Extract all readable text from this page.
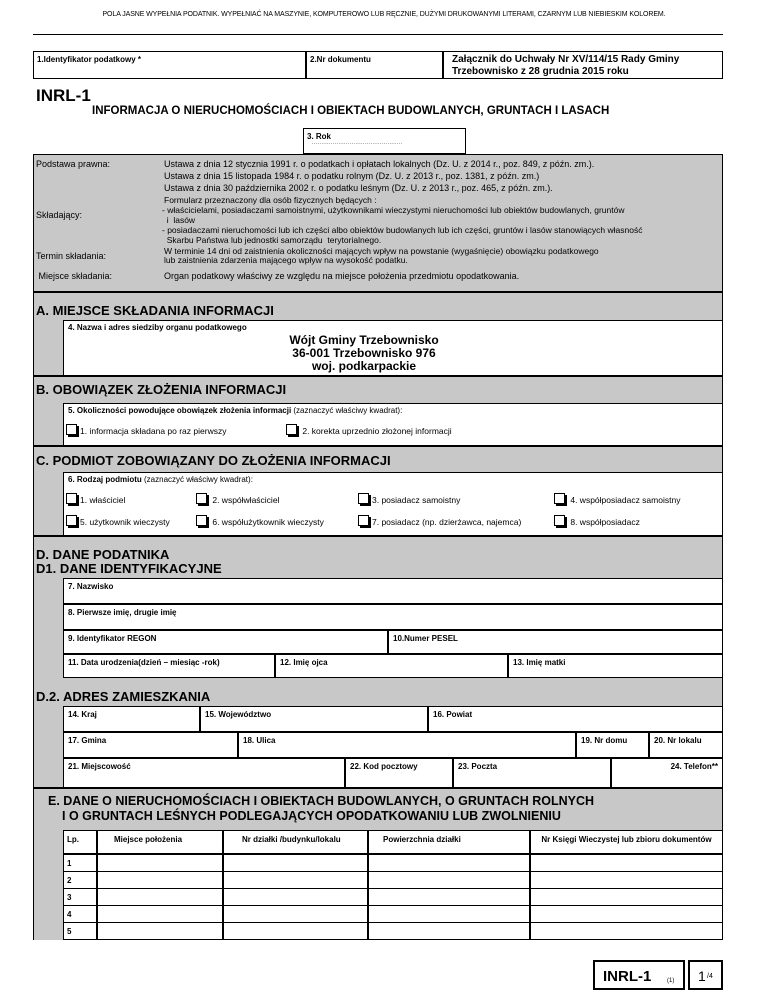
POLA JASNE WYPEŁNIA PODATNIK. WYPEŁNIAĆ NA MASZYNIE, KOMPUTEROWO LUB RĘCZNIE, DUŻYMI DRUKOWANYMI LITERAMI, CZARNYM LUB NIEBIESKIM KOLOREM.
1.Identyfikator podatkowy *	2.Nr dokumentu	Załącznik do Uchwały Nr XV/114/15 Rady Gminy
Trzebownisko z 28 grudnia 2015 roku
INRL-1
INFORMACJA O NIERUCHOMOŚCIACH I OBIEKTACH BUDOWLANYCH, GRUNTACH I LASACH
3. Rok
................................................
Podstawa prawna:	Ustawa z dnia 12 stycznia 1991 r. o podatkach i opłatach lokalnych (Dz. U. z 2014 r., poz. 849, z późn. zm.).
Ustawa z dnia 15 listopada 1984 r. o podatku rolnym (Dz. U. z 2013 r., poz. 1381, z późn. zm.)
Ustawa z dnia 30 października 2002 r. o podatku leśnym (Dz. U. z 2013 r., poz. 465, z późn. zm.).
Składający:
Formularz przeznaczony dla osób fizycznych będących :
- właścicielami, posiadaczami samoistnymi, użytkownikami wieczystymi nieruchomości lub obiektów budowlanych, gruntów
i  lasów
- posiadaczami nieruchomości lub ich części albo obiektów budowlanych lub ich części, gruntów i lasów stanowiących własność
Skarbu Państwa lub jednostki samorządu  terytorialnego.
Termin składania:	W terminie 14 dni od zaistnienia okoliczności mających wpływ na powstanie (wygaśnięcie) obowiązku podatkowego
lub zaistnienia zdarzenia mającego wpływ na wysokość podatku.
Miejsce składania:	Organ podatkowy właściwy ze względu na miejsce położenia przedmiotu opodatkowania.
A. MIEJSCE SKŁADANIA INFORMACJI
4. Nazwa i adres siedziby organu podatkowego
Wójt Gminy Trzebownisko
36-001 Trzebownisko 976
woj. podkarpackie
B. OBOWIĄZEK ZŁOŻENIA INFORMACJI
5. Okoliczności powodujące obowiązek złożenia informacji (zaznaczyć właściwy kwadrat):
1. informacja składana po raz pierwszy	2. korekta uprzednio złożonej informacji
C. PODMIOT ZOBOWIĄZANY DO ZŁOŻENIA INFORMACJI
6. Rodzaj podmiotu (zaznaczyć właściwy kwadrat):
1. właściciel	2. współwłaściciel	3. posiadacz samoistny	4. współposiadacz samoistny
5. użytkownik wieczysty	6. współużytkownik wieczysty	7. posiadacz (np. dzierżawca, najemca)	8. współposiadacz
D. DANE PODATNIKA
D1. DANE IDENTYFIKACYJNE
D.2. ADRES ZAMIESZKANIA
7. Nazwisko
8. Pierwsze imię, drugie imię
9. Identyfikator REGON	10.Numer PESEL
11. Data urodzenia(dzień – miesiąc -rok)	12. Imię ojca	13. Imię matki
14. Kraj	15. Województwo	16. Powiat
17. Gmina	18. Ulica	19. Nr domu	20. Nr lokalu
21. Miejscowość	22. Kod pocztowy	23. Poczta	24. Telefon**
E. DANE O NIERUCHOMOŚCIACH I OBIEKTACH BUDOWLANYCH, O GRUNTACH ROLNYCH
I O GRUNTACH LEŚNYCH PODLEGAJĄCYCH OPODATKOWANIU LUB ZWOLNIENIU
Lp.	Miejsce położenia	Nr działki /budynku/lokalu	Powierzchnia działki	Nr Księgi Wieczystej lub zbioru dokumentów
1
2
3
4
5
INRL-1	(1) 1 /4
